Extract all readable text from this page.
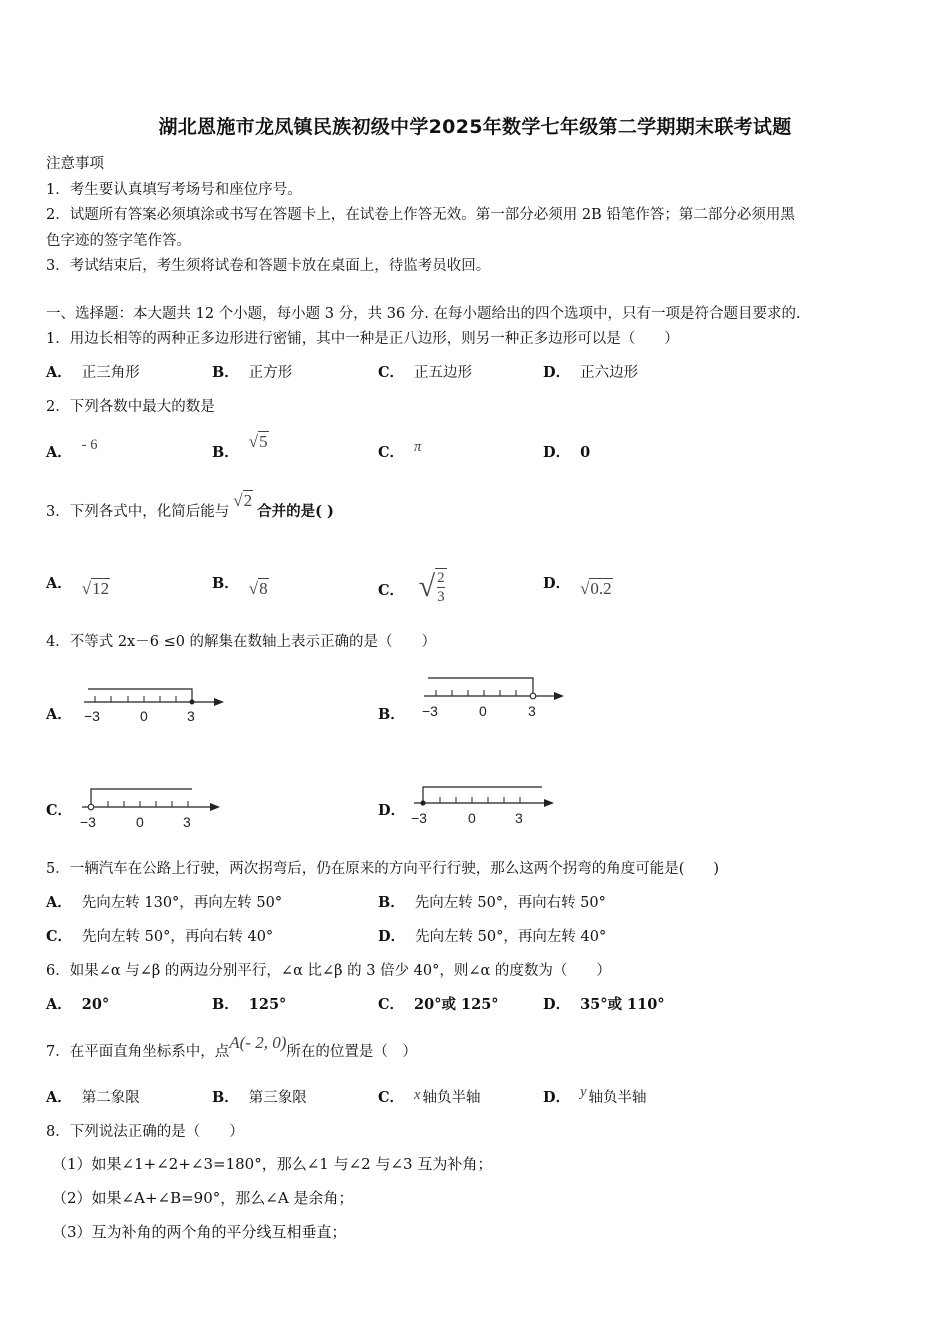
湖北恩施市龙凤镇民族初级中学2025年数学七年级第二学期期末联考试题
注意事项
1．考生要认真填写考场号和座位序号。
2．试题所有答案必须填涂或书写在答题卡上，在试卷上作答无效。第一部分必须用 2B 铅笔作答；第二部分必须用黑
色字迹的签字笔作答。
3．考试结束后，考生须将试卷和答题卡放在桌面上，待监考员收回。
一、选择题：本大题共 12 个小题，每小题 3 分，共 36 分. 在每小题给出的四个选项中，只有一项是符合题目要求的.
1．用边长相等的两种正多边形进行密铺，其中一种是正八边形，则另一种正多边形可以是（　　）
A． 正三角形	B． 正方形	C． 正五边形	D． 正六边形
2．下列各数中最大的数是
A． - 6	B．√5
C． π	D． 0
3．下列各式中，化简后能与√2合并的是( )
A． √12	B． √8	C． √ $\frac{2}{3}$	D． √0.2
4．不等式 2x－6 ≤0 的解集在数轴上表示正确的是（　　）
A． −3	0	3	B．	−3	0	3
C．
−3	0	3
D． −3	0	3
5．一辆汽车在公路上行驶，两次拐弯后，仍在原来的方向平行行驶，那么这两个拐弯的角度可能是(　　)
A． 先向左转 130°，再向左转 50°	B． 先向左转 50°，再向右转 50°
C． 先向左转 50°，再向右转 40°	D． 先向左转 50°，再向左转 40°
6．如果∠α 与∠β 的两边分别平行，∠α 比∠β 的 3 倍少 40°，则∠α 的度数为（　　）
A． 20°	B． 125°	C． 20°或 125°	D． 35°或 110°
7．在平面直角坐标系中，点A(- 2, 0)所在的位置是（　）
A． 第二象限	B． 第三象限	C． x 轴负半轴	D． y 轴负半轴
8．下列说法正确的是（　　）
（1）如果∠1+∠2+∠3=180°，那么∠1 与∠2 与∠3 互为补角；
（2）如果∠A+∠B=90°，那么∠A 是余角；
（3）互为补角的两个角的平分线互相垂直；
